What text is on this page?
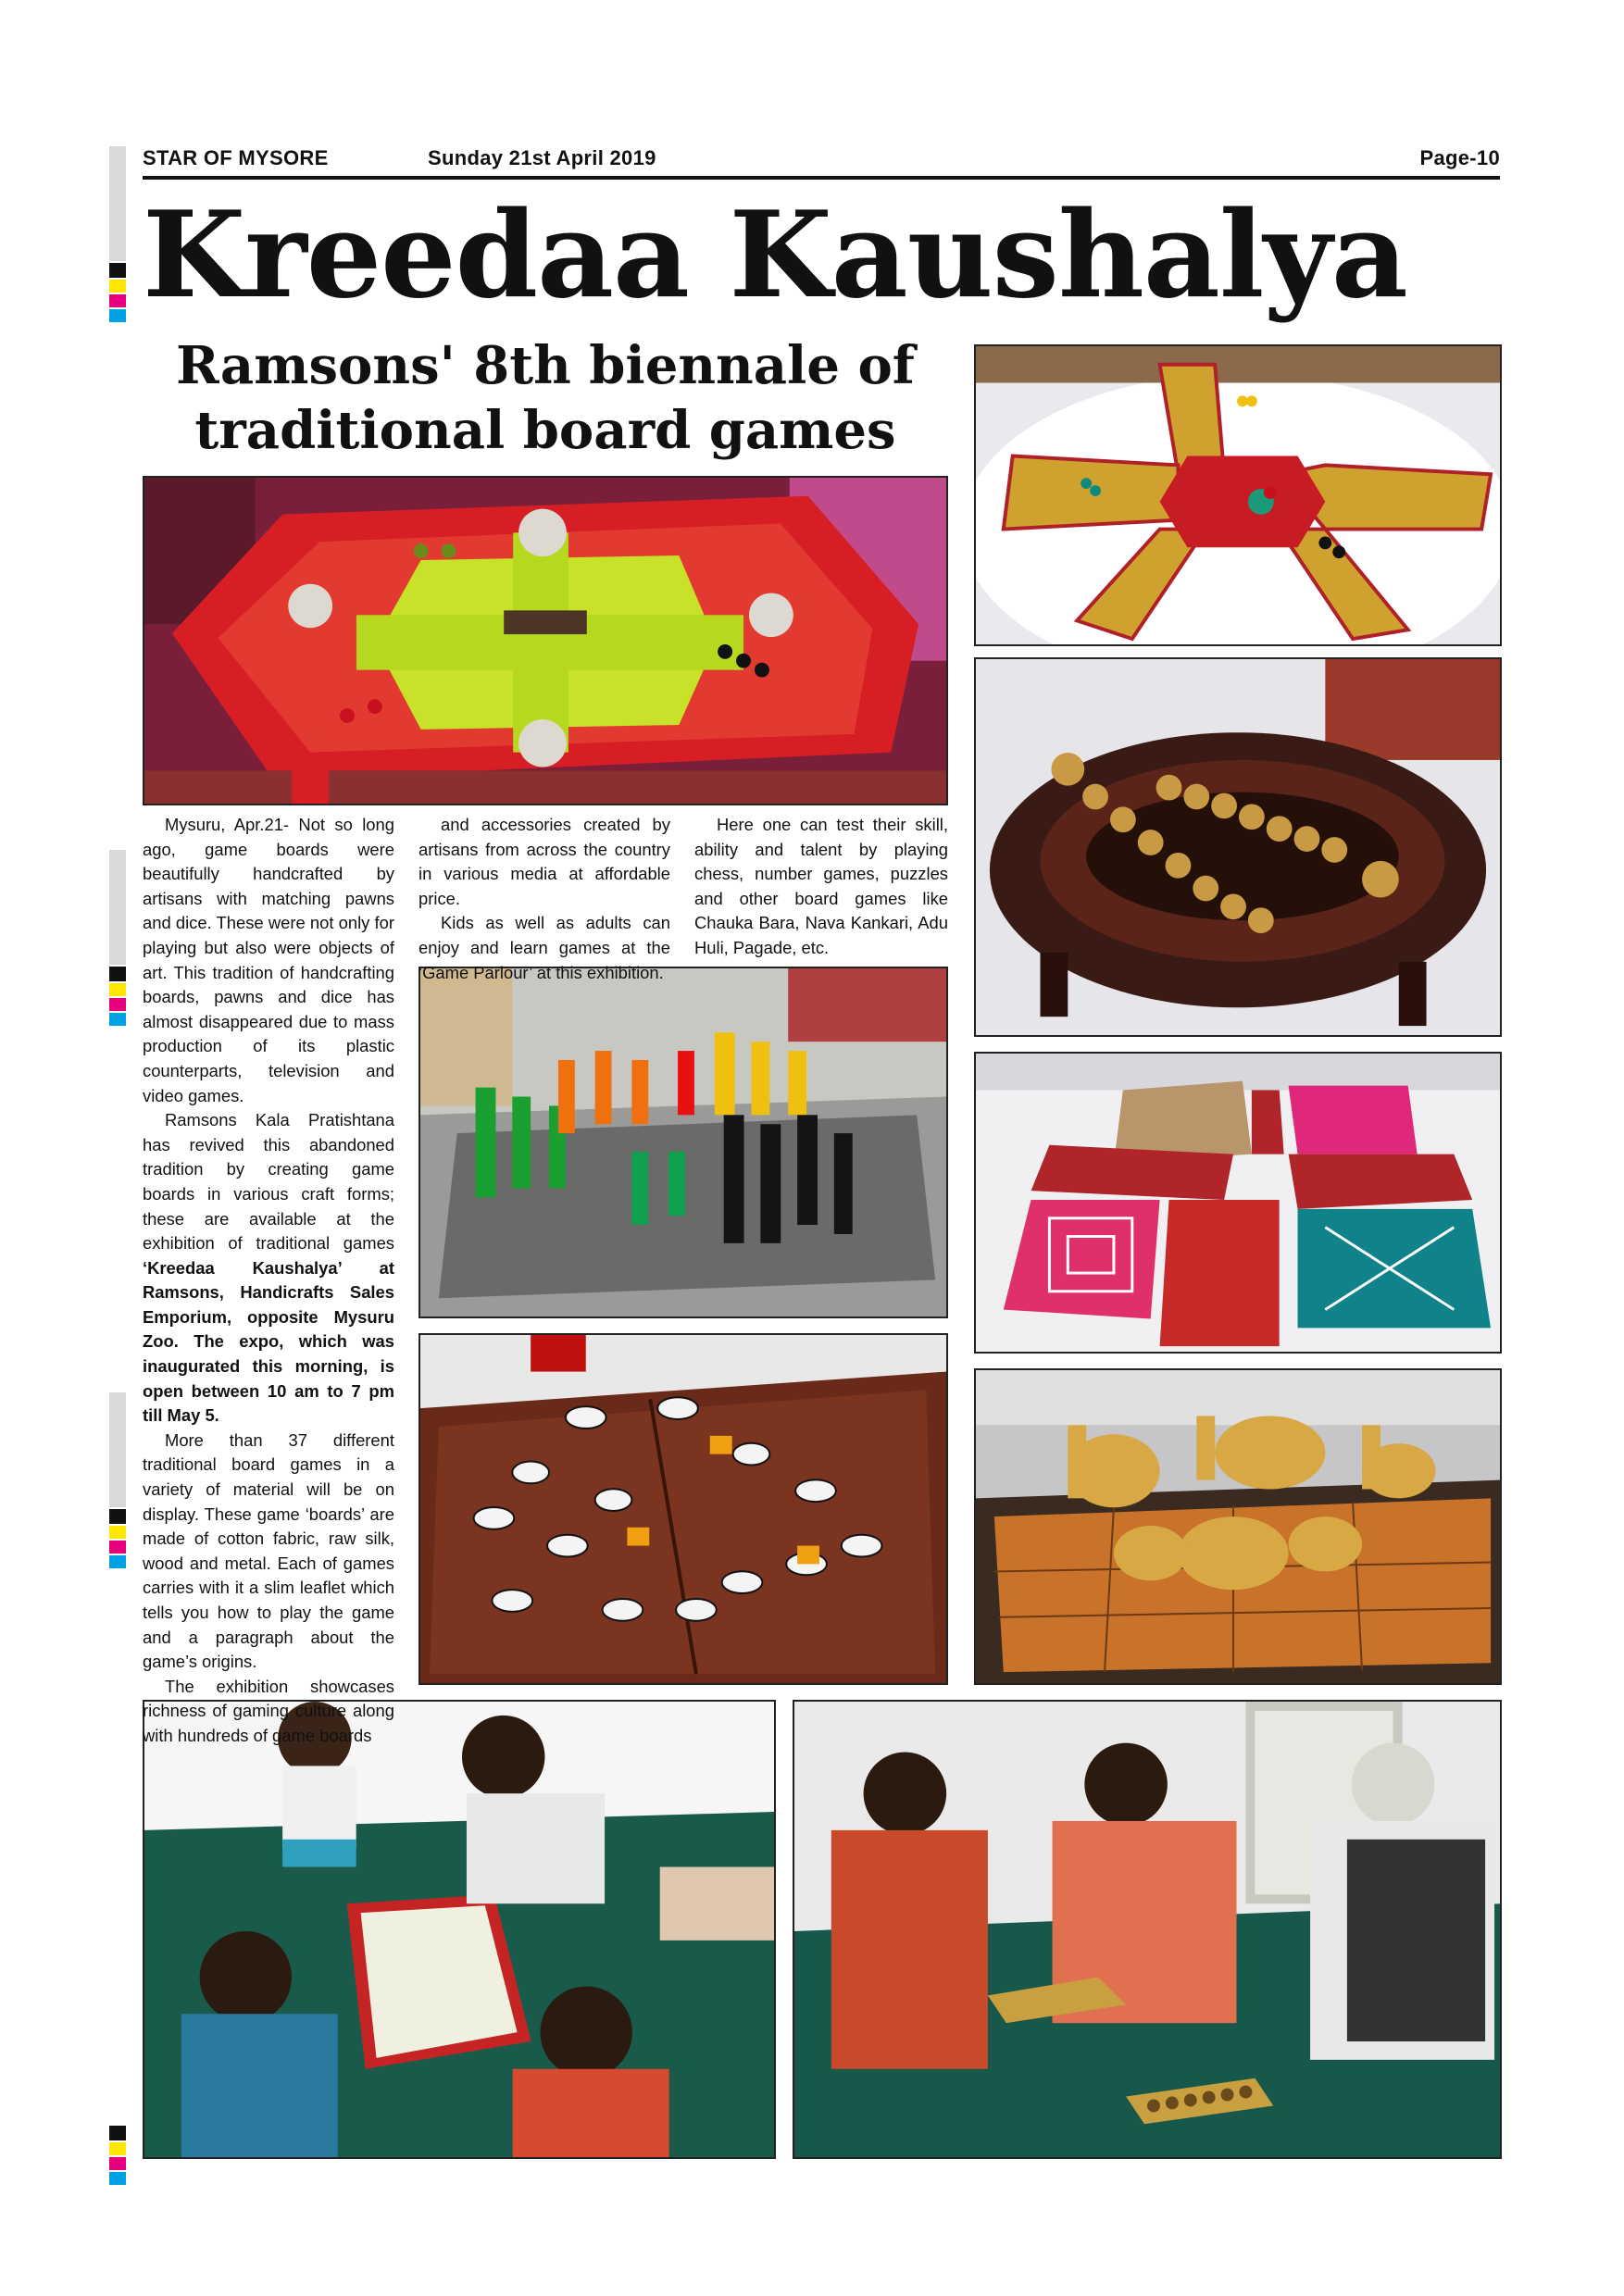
STAR OF MYSORE	Sunday 21st April 2019	Page-10
Kreedaa Kaushalya
Ramsons' 8th biennale of
traditional board games

Mysuru, Apr.21- Not so long ago, game boards were beautifully handcrafted by artisans with matching pawns and dice. These were not only for playing but also were objects of art. This tradition of handcrafting boards, pawns and dice has almost disappeared due to mass production of its plastic counterparts, television and video games.

Ramsons Kala Pratishtana has revived this abandoned tradition by creating game boards in various craft forms; these are available at the exhibition of traditional games ‘Kreedaa Kaushalya’ at Ramsons, Handicrafts Sales Emporium, opposite Mysuru Zoo. The expo, which was inaugurated this morning, is open between 10 am to 7 pm till May 5.

More than 37 different traditional board games in a variety of material will be on display. These game ‘boards’ are made of cotton fabric, raw silk, wood and metal. Each of games carries with it a slim leaflet which tells you how to play the game and a paragraph about the game’s origins.

The exhibition showcases richness of gaming culture along with hundreds of game boards

and accessories created by artisans from across the country in various media at affordable price.

Kids as well as adults can enjoy and learn games at the ‘Game Parlour’ at this exhibition.

Here one can test their skill, ability and talent by playing chess, number games, puzzles and other board games like Chauka Bara, Nava Kankari, Adu Huli, Pagade, etc.
